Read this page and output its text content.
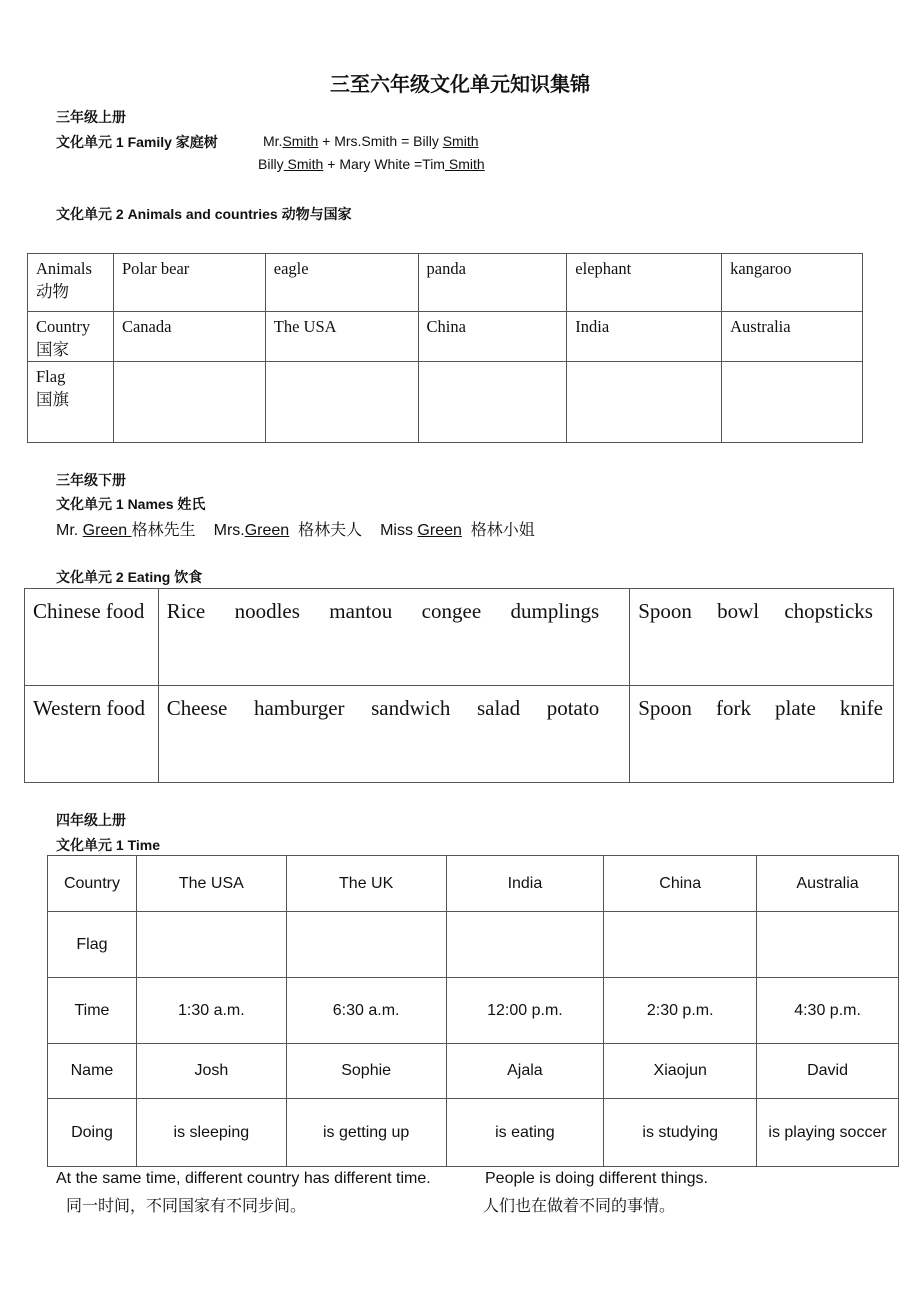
三至六年级文化单元知识集锦
三年级上册
文化单元 1 Family 家庭树	Mr.Smith + Mrs.Smith = Billy Smith
Billy Smith + Mary White =Tim Smith
文化单元 2 Animals and countries 动物与国家
Animals
动物	Polar bear	eagle	panda	elephant	kangaroo
Country
国家	Canada	The USA	China	India	Australia
Flag
国旗					
三年级下册
文化单元 1 Names 姓氏
Mr. Green 格林先生 Mrs.Green 格林夫人 Miss Green 格林小姐
文化单元 2 Eating 饮食
Chinese food	Rice noodles mantou congee dumplings	Spoon bowl chopsticks

Western food	Cheese hamburger sandwich salad potato	Spoon fork plate knife
四年级上册
文化单元 1 Time
Country	The USA	The UK	India	China	Australia
Flag					
Time	1:30 a.m.	6:30 a.m.	12:00 p.m.	2:30 p.m.	4:30 p.m.
Name	Josh	Sophie	Ajala	Xiaojun	David
Doing	is sleeping	is getting up	is eating	is studying	is playing soccer
At the same time, different country has different time.	People is doing different things.
同一时间，不同国家有不同步间。	人们也在做着不同的事情。
